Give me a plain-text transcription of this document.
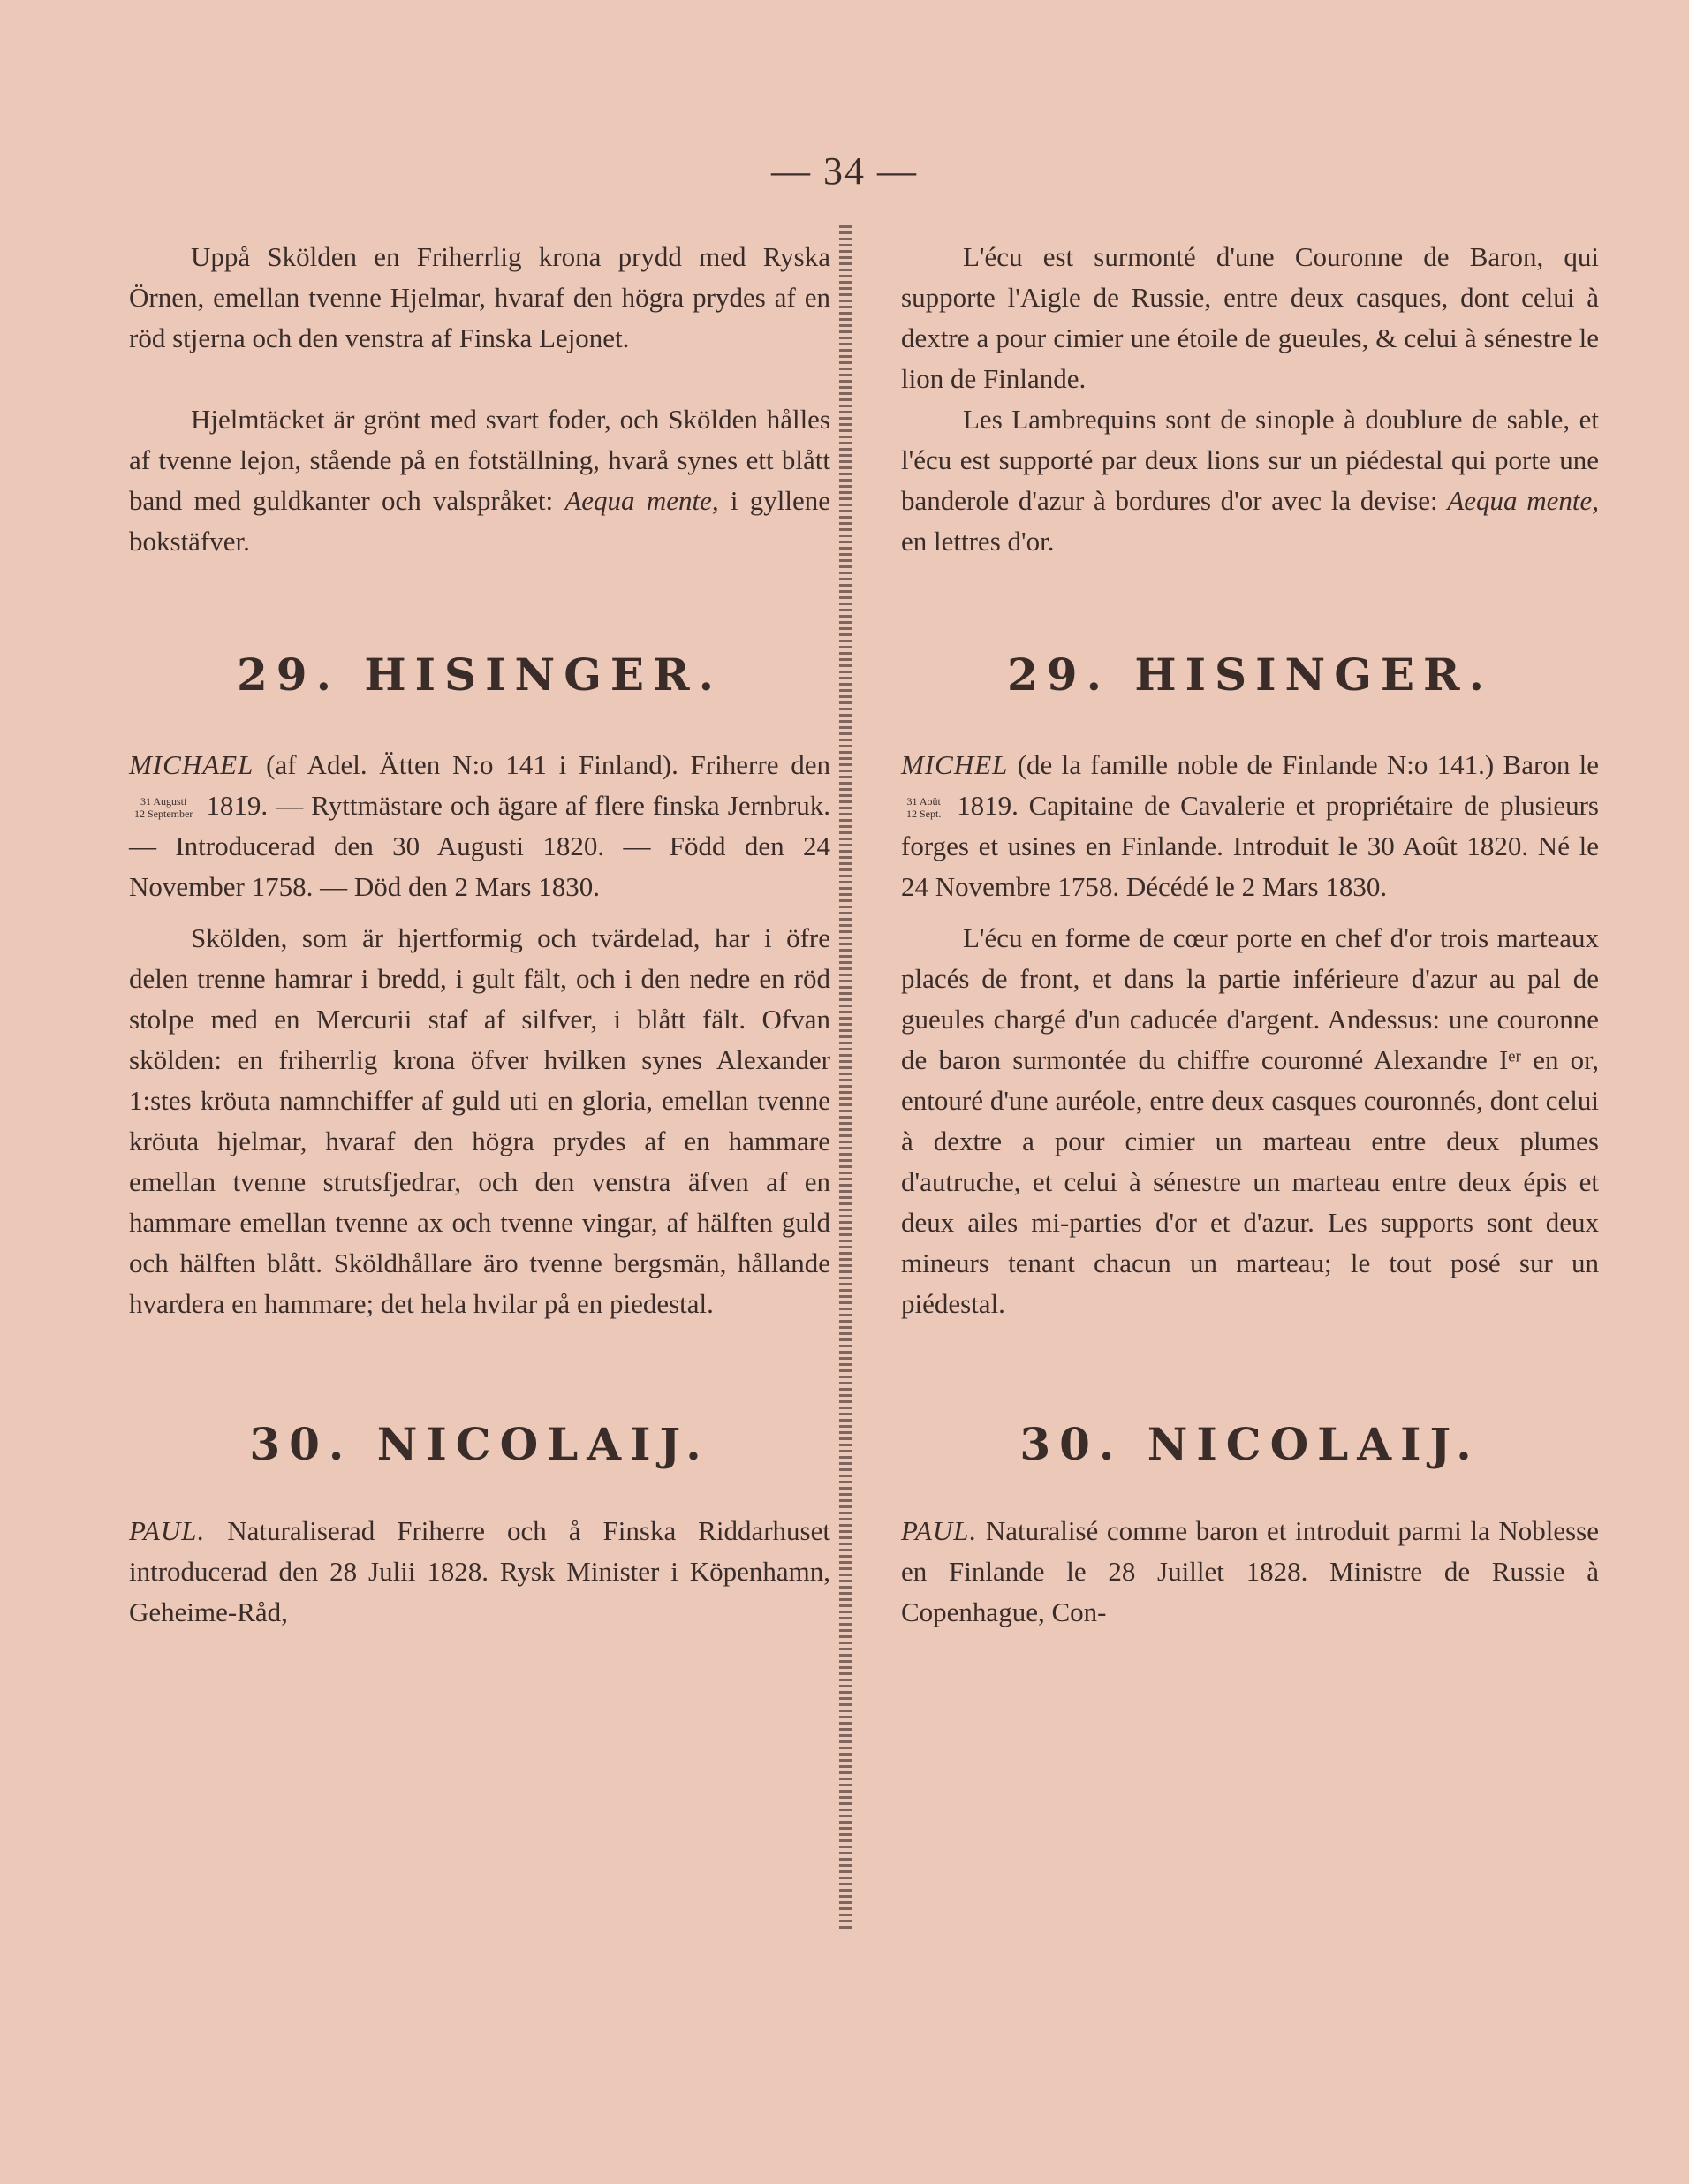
— 34 —

Uppå Skölden en Friherrlig krona prydd med Ryska Örnen, emellan tvenne Hjelmar, hvaraf den högra prydes af en röd stjerna och den venstra af Finska Lejonet.

Hjelmtäcket är grönt med svart foder, och Skölden hålles af tvenne lejon, stående på en fotställning, hvarå synes ett blått band med guldkanter och valspråket: Aequa mente, i gyllene bokstäfver.

29. HISINGER.

MICHAEL (af Adel. Ätten N:o 141 i Finland). Friherre den
$\frac{\text{31 Augusti}}{\text{12 September}} 1819$. — Ryttmästare och ägare af flere finska Jernbruk. — Introducerad den 30 Augusti 1820. — Född den 24 November 1758. — Död den 2 Mars 1830.

Skölden, som är hjertformig och tvärdelad, har i öfre delen trenne hamrar i bredd, i gult fält, och i den nedre en röd stolpe med en Mercurii staf af silfver, i blått fält. Ofvan skölden: en friherrlig krona öfver hvilken synes Alexander 1:stes kröuta namnchiffer af guld uti en gloria, emellan tvenne kröuta hjelmar, hvaraf den högra prydes af en hammare emellan tvenne strutsfjedrar, och den venstra äfven af en hammare emellan tvenne ax och tvenne vingar, af hälften guld och hälften blått. Sköldhållare äro tvenne bergsmän, hållande hvardera en hammare; det hela hvilar på en piedestal.

30. NICOLAIJ.

PAUL. Naturaliserad Friherre och å Finska Riddarhuset introducerad den 28 Julii 1828. Rysk Minister i Köpenhamn, Geheime-Råd,

L'écu est surmonté d'une Couronne de Baron, qui supporte l'Aigle de Russie, entre deux casques, dont celui à dextre a pour cimier une étoile de gueules, & celui à sénestre le lion de Finlande.

Les Lambrequins sont de sinople à doublure de sable, et l'écu est supporté par deux lions sur un piédestal qui porte une banderole d'azur à bordures d'or avec la devise: Aequa mente, en lettres d'or.

29. HISINGER.

MICHEL (de la famille noble de Finlande N:o 141.) Baron le
$\frac{\text{31 Août}}{\text{12 Sept.}} 1819$. Capitaine de Cavalerie et propriétaire de plusieurs forges et usines en Finlande. Introduit le 30 Août 1820. Né le 24 Novembre 1758. Décédé le 2 Mars 1830.

L'écu en forme de cœur porte en chef d'or trois marteaux placés de front, et dans la partie inférieure d'azur au pal de gueules chargé d'un caducée d'argent. Andessus: une couronne de baron surmontée du chiffre couronné Alexandre Iᵉʳ en or, entouré d'une auréole, entre deux casques couronnés, dont celui à dextre a pour cimier un marteau entre deux plumes d'autruche, et celui à sénestre un marteau entre deux épis et deux ailes mi-parties d'or et d'azur. Les supports sont deux mineurs tenant chacun un marteau; le tout posé sur un piédestal.

30. NICOLAIJ.

PAUL. Naturalisé comme baron et introduit parmi la Noblesse en Finlande le 28 Juillet 1828. Ministre de Russie à Copenhague, Con-
